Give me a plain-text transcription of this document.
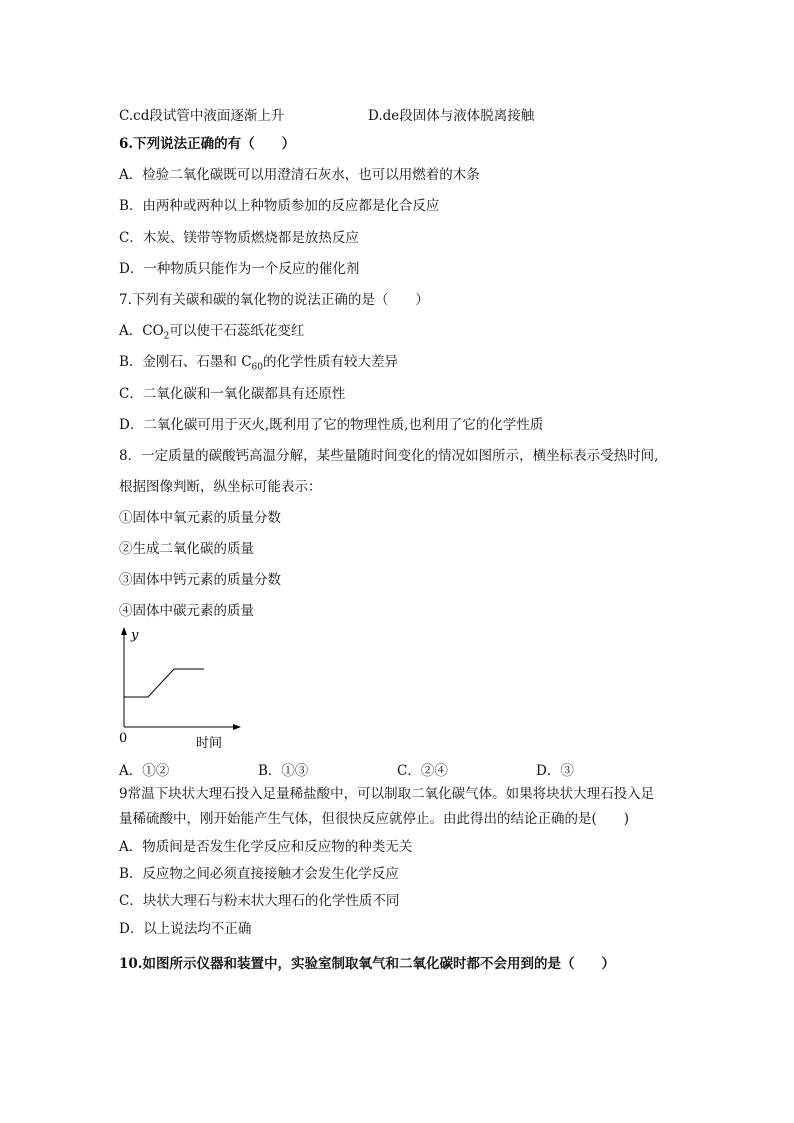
C.cd段试管中液面逐渐上升	D.de段固体与液体脱离接触
6.下列说法正确的有（　　）
A．检验二氧化碳既可以用澄清石灰水，也可以用燃着的木条
B．由两种或两种以上种物质参加的反应都是化合反应
C．木炭、镁带等物质燃烧都是放热反应
D．一种物质只能作为一个反应的催化剂
7.下列有关碳和碳的氧化物的说法正确的是（　　）
A．$CO_2$可以使干石蕊纸花变红
B．金刚石、石墨和 $C_{60}$的化学性质有较大差异
C．二氧化碳和一氧化碳都具有还原性
D．二氧化碳可用于灭火,既利用了它的物理性质,也利用了它的化学性质
8．一定质量的碳酸钙高温分解，某些量随时间变化的情况如图所示，横坐标表示受热时间,
根据图像判断，纵坐标可能表示：
①固体中氧元素的质量分数
②生成二氧化碳的质量
③固体中钙元素的质量分数
④固体中碳元素的质量
y
0	时间
A．①②	B．①③	C．②④	D．③
9常温下块状大理石投入足量稀盐酸中，可以制取二氧化碳气体。如果将块状大理石投入足
量稀硫酸中，刚开始能产生气体，但很快反应就停止。由此得出的结论正确的是(　　)
A．物质间是否发生化学反应和反应物的种类无关
B．反应物之间必须直接接触才会发生化学反应
C．块状大理石与粉末状大理石的化学性质不同
D．以上说法均不正确
10.如图所示仪器和装置中，实验室制取氧气和二氧化碳时都不会用到的是（　　）
